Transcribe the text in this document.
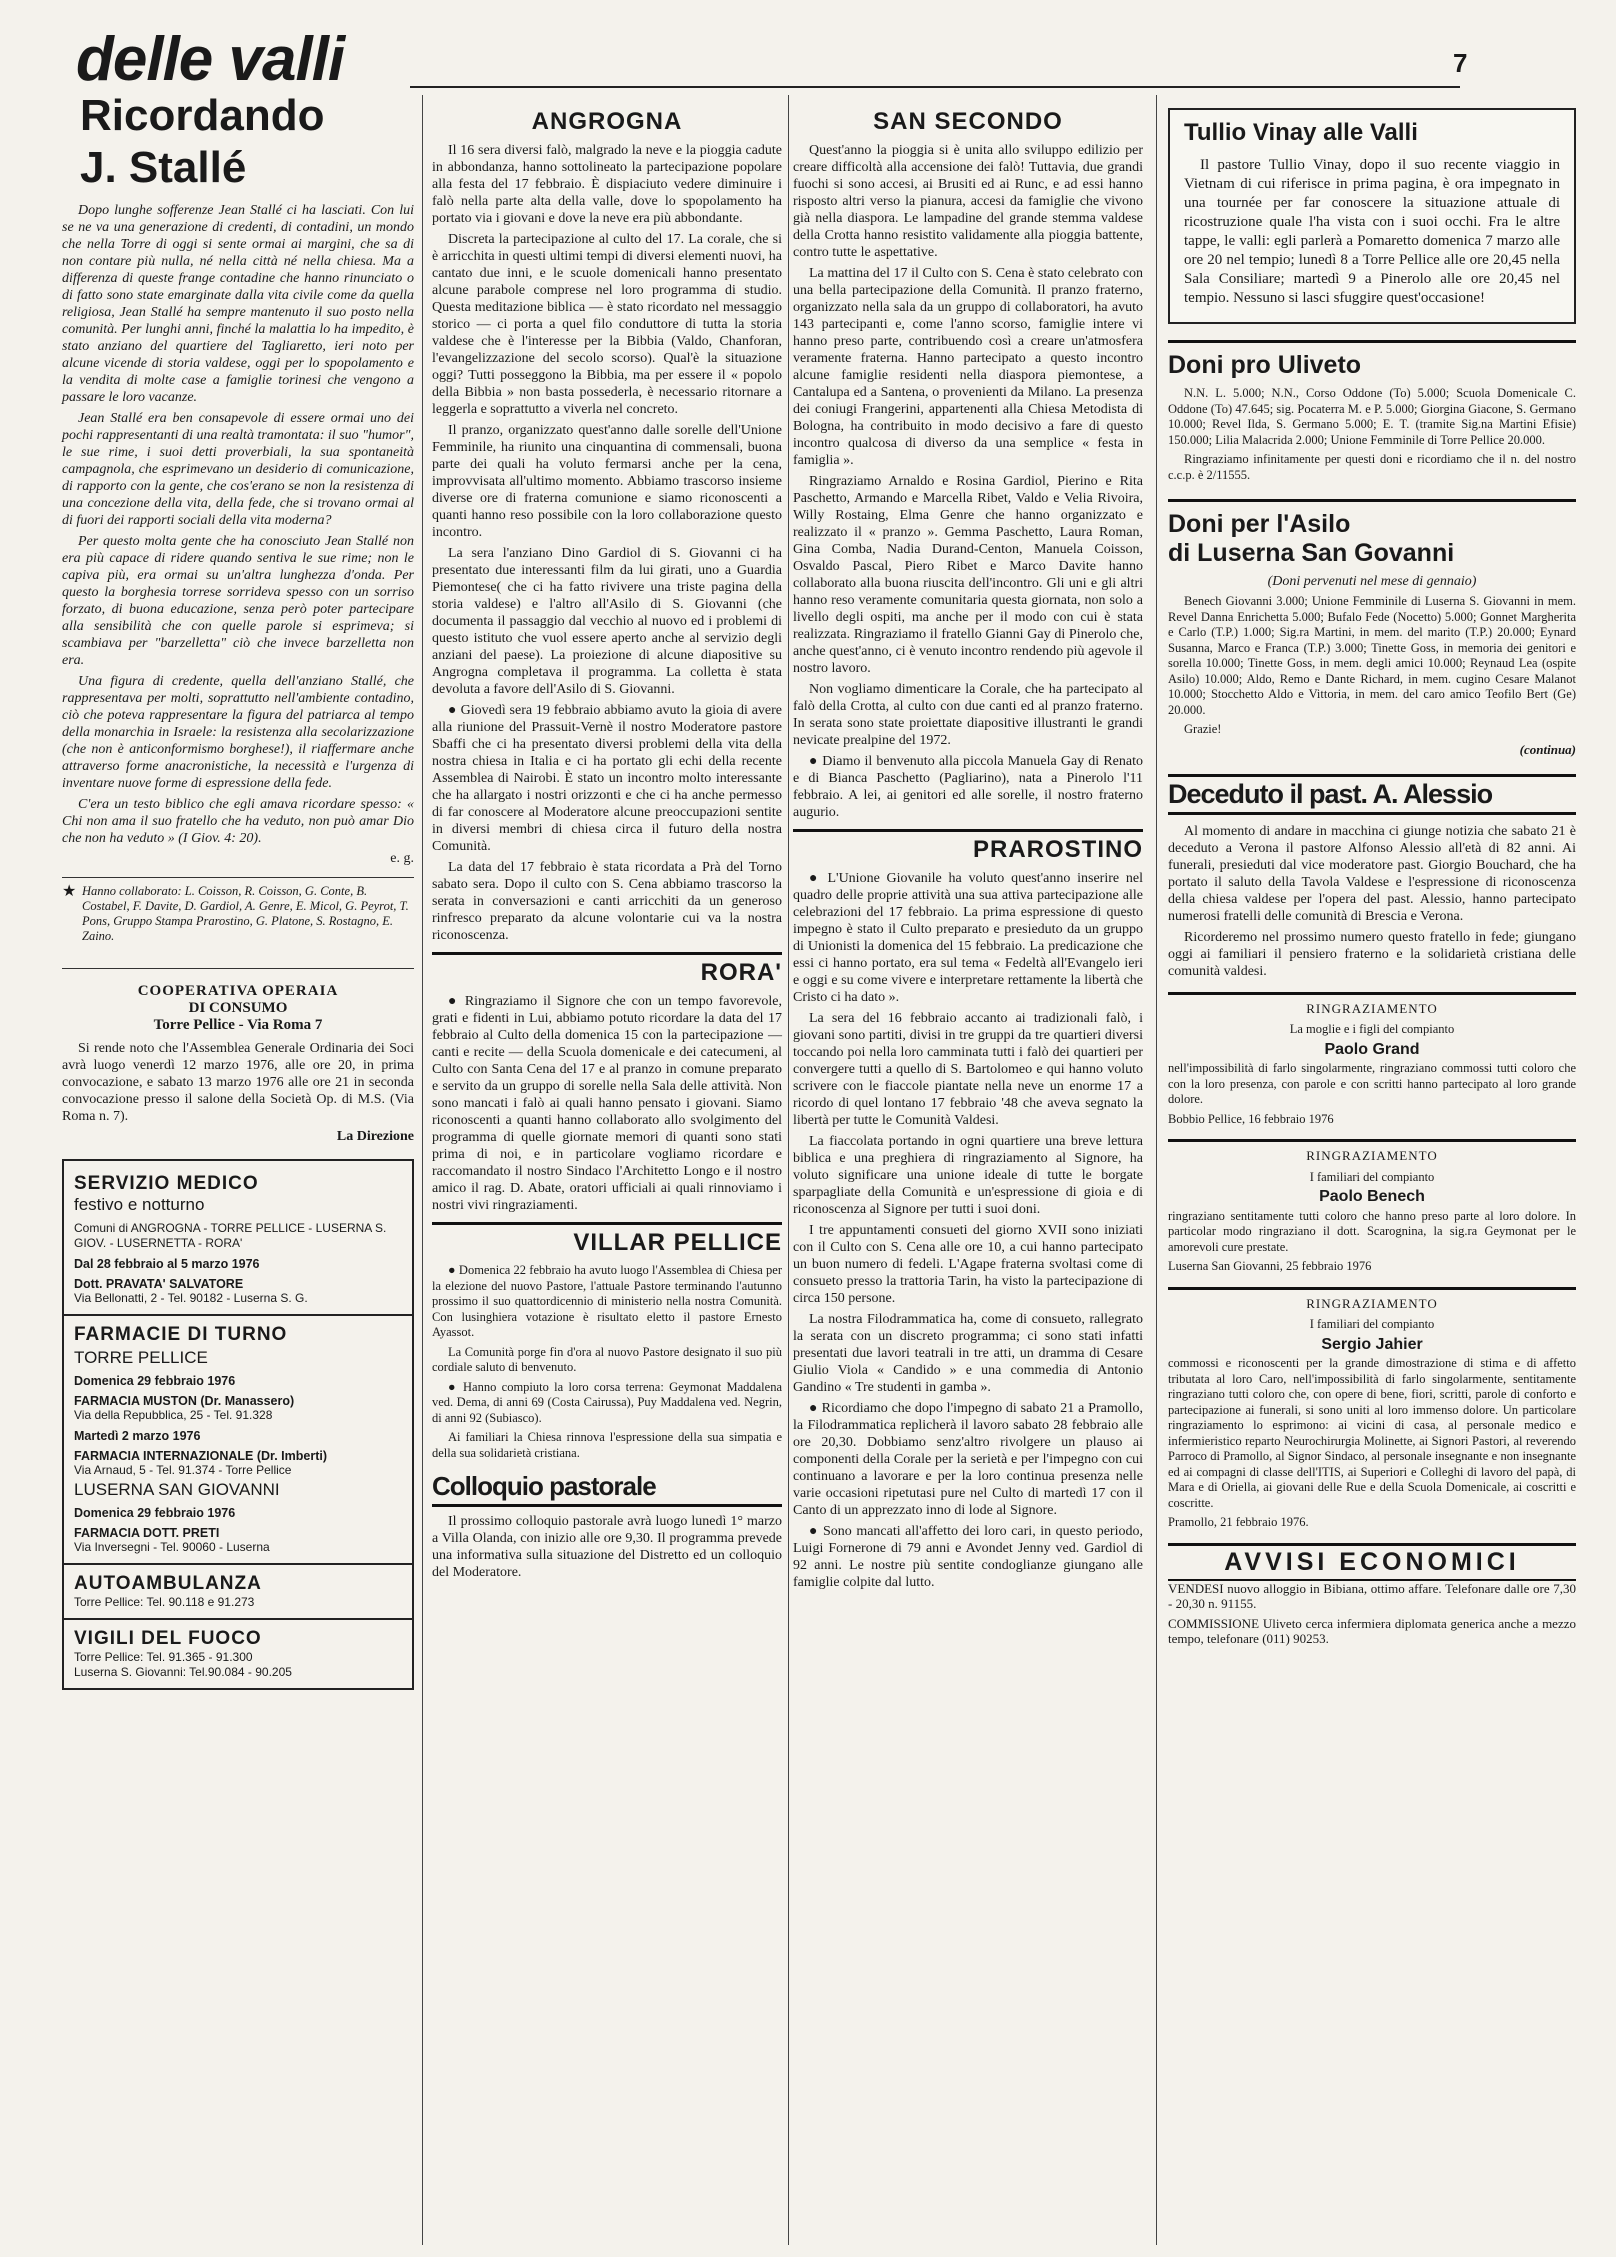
delle valli	7
Ricordando
J. Stallé

Dopo lunghe sofferenze Jean Stallé ci ha lasciati. Con lui se ne va una generazione di credenti, di contadini, un mondo che nella Torre di oggi si sente ormai ai margini, che sa di non contare più nulla, né nella città né nella chiesa. Ma a differenza di queste frange contadine che hanno rinunciato o di fatto sono state emarginate dalla vita civile come da quella religiosa, Jean Stallé ha sempre mantenuto il suo posto nella comunità. Per lunghi anni, finché la malattia lo ha impedito, è stato anziano del quartiere del Tagliaretto, ieri noto per alcune vicende di storia valdese, oggi per lo spopolamento e la vendita di molte case a famiglie torinesi che vengono a passare le loro vacanze.

Jean Stallé era ben consapevole di essere ormai uno dei pochi rappresentanti di una realtà tramontata: il suo "humor", le sue rime, i suoi detti proverbiali, la sua spontaneità campagnola, che esprimevano un desiderio di comunicazione, di rapporto con la gente, che cos'erano se non la resistenza di una concezione della vita, della fede, che si trovano ormai al di fuori dei rapporti sociali della vita moderna?

Per questo molta gente che ha conosciuto Jean Stallé non era più capace di ridere quando sentiva le sue rime; non le capiva più, era ormai su un'altra lunghezza d'onda. Per questo la borghesia torrese sorrideva spesso con un sorriso forzato, di buona educazione, senza però poter partecipare alla sensibilità che con quelle parole si esprimeva; si scambiava per "barzelletta" ciò che invece barzelletta non era.

Una figura di credente, quella dell'anziano Stallé, che rappresentava per molti, soprattutto nell'ambiente contadino, ciò che poteva rappresentare la figura del patriarca al tempo della monarchia in Israele: la resistenza alla secolarizzazione (che non è anticonformismo borghese!), il riaffermare anche attraverso forme anacronistiche, la necessità e l'urgenza di inventare nuove forme di espressione della fede.

C'era un testo biblico che egli amava ricordare spesso: « Chi non ama il suo fratello che ha veduto, non può amar Dio che non ha veduto » (I Giov. 4: 20).

e. g.
★ Hanno collaborato: L. Coisson, R. Coisson, G. Conte, B. Costabel, F. Davite, D. Gardiol, A. Genre, E. Micol, G. Peyrot, T. Pons, Gruppo Stampa Prarostino, G. Platone, S. Rostagno, E. Zaino.
COOPERATIVA OPERAIA
DI CONSUMO
Torre Pellice - Via Roma 7

Si rende noto che l'Assemblea Generale Ordinaria dei Soci avrà luogo venerdì 12 marzo 1976, alle ore 20, in prima convocazione, e sabato 13 marzo 1976 alle ore 21 in seconda convocazione presso il salone della Società Op. di M.S. (Via Roma n. 7).

La Direzione
SERVIZIO MEDICO
festivo e notturno
Comuni di ANGROGNA - TORRE PELLICE - LUSERNA S. GIOV. - LUSERNETTA - RORA'
Dal 28 febbraio al 5 marzo 1976
Dott. PRAVATA' SALVATORE
Via Bellonatti, 2 - Tel. 90182 - Luserna S. G.
FARMACIE DI TURNO
TORRE PELLICE
Domenica 29 febbraio 1976
FARMACIA MUSTON (Dr. Manassero)
Via della Repubblica, 25 - Tel. 91.328
Martedì 2 marzo 1976
FARMACIA INTERNAZIONALE (Dr. Imberti)
Via Arnaud, 5 - Tel. 91.374 - Torre Pellice
LUSERNA SAN GIOVANNI
Domenica 29 febbraio 1976
FARMACIA DOTT. PRETI
Via Inversegni - Tel. 90060 - Luserna
AUTOAMBULANZA
Torre Pellice: Tel. 90.118 e 91.273
VIGILI DEL FUOCO
Torre Pellice: Tel. 91.365 - 91.300
Luserna S. Giovanni: Tel.90.084 - 90.205
ANGROGNA

Il 16 sera diversi falò, malgrado la neve e la pioggia cadute in abbondanza, hanno sottolineato la partecipazione popolare alla festa del 17 febbraio. È dispiaciuto vedere diminuire i falò nella parte alta della valle, dove lo spopolamento ha portato via i giovani e dove la neve era più abbondante.

Discreta la partecipazione al culto del 17. La corale, che si è arricchita in questi ultimi tempi di diversi elementi nuovi, ha cantato due inni, e le scuole domenicali hanno presentato alcune parabole comprese nel loro programma di studio. Questa meditazione biblica — è stato ricordato nel messaggio storico — ci porta a quel filo conduttore di tutta la storia valdese che è l'interesse per la Bibbia (Valdo, Chanforan, l'evangelizzazione del secolo scorso). Qual'è la situazione oggi? Tutti posseggono la Bibbia, ma per essere il « popolo della Bibbia » non basta possederla, è necessario ritornare a leggerla e soprattutto a viverla nel concreto.

Il pranzo, organizzato quest'anno dalle sorelle dell'Unione Femminile, ha riunito una cinquantina di commensali, buona parte dei quali ha voluto fermarsi anche per la cena, improvvisata all'ultimo momento. Abbiamo trascorso insieme diverse ore di fraterna comunione e siamo riconoscenti a quanti hanno reso possibile con la loro collaborazione questo incontro.

La sera l'anziano Dino Gardiol di S. Giovanni ci ha presentato due interessanti film da lui girati, uno a Guardia Piemontese( che ci ha fatto rivivere una triste pagina della storia valdese) e l'altro all'Asilo di S. Giovanni (che documenta il passaggio dal vecchio al nuovo ed i problemi di questo istituto che vuol essere aperto anche al servizio degli anziani del paese). La proiezione di alcune diapositive su Angrogna completava il programma. La colletta è stata devoluta a favore dell'Asilo di S. Giovanni.

● Giovedì sera 19 febbraio abbiamo avuto la gioia di avere alla riunione del Prassuit-Vernè il nostro Moderatore pastore Sbaffi che ci ha presentato diversi problemi della vita della nostra chiesa in Italia e ci ha portato gli echi della recente Assemblea di Nairobi. È stato un incontro molto interessante che ha allargato i nostri orizzonti e che ci ha anche permesso di far conoscere al Moderatore alcune preoccupazioni sentite in diversi membri di chiesa circa il futuro della nostra Comunità.

La data del 17 febbraio è stata ricordata a Prà del Torno sabato sera. Dopo il culto con S. Cena abbiamo trascorso la serata in conversazioni e canti arricchiti da un generoso rinfresco preparato da alcune volontarie cui va la nostra riconoscenza.

RORA'

● Ringraziamo il Signore che con un tempo favorevole, grati e fidenti in Lui, abbiamo potuto ricordare la data del 17 febbraio al Culto della domenica 15 con la partecipazione — canti e recite — della Scuola domenicale e dei catecumeni, al Culto con Santa Cena del 17 e al pranzo in comune preparato e servito da un gruppo di sorelle nella Sala delle attività. Non sono mancati i falò ai quali hanno pensato i giovani. Siamo riconoscenti a quanti hanno collaborato allo svolgimento del programma di quelle giornate memori di quanti sono stati prima di noi, e in particolare vogliamo ricordare e raccomandato il nostro Sindaco l'Architetto Longo e il nostro amico il rag. D. Abate, oratori ufficiali ai quali rinnoviamo i nostri vivi ringraziamenti.

VILLAR PELLICE

● Domenica 22 febbraio ha avuto luogo l'Assemblea di Chiesa per la elezione del nuovo Pastore, l'attuale Pastore terminando l'autunno prossimo il suo quattordicennio di ministerio nella nostra Comunità. Con lusinghiera votazione è risultato eletto il pastore Ernesto Ayassot.

La Comunità porge fin d'ora al nuovo Pastore designato il suo più cordiale saluto di benvenuto.

● Hanno compiuto la loro corsa terrena: Geymonat Maddalena ved. Dema, di anni 69 (Costa Cairussa), Puy Maddalena ved. Negrin, di anni 92 (Subiasco).

Ai familiari la Chiesa rinnova l'espressione della sua simpatia e della sua solidarietà cristiana.

Colloquio pastorale

Il prossimo colloquio pastorale avrà luogo lunedì 1° marzo a Villa Olanda, con inizio alle ore 9,30. Il programma prevede una informativa sulla situazione del Distretto ed un colloquio del Moderatore.

SAN SECONDO

Quest'anno la pioggia si è unita allo sviluppo edilizio per creare difficoltà alla accensione dei falò! Tuttavia, due grandi fuochi si sono accesi, ai Brusiti ed ai Runc, e ad essi hanno risposto altri verso la pianura, accesi da famiglie che vivono già nella diaspora. Le lampadine del grande stemma valdese della Crotta hanno resistito validamente alla pioggia battente, contro tutte le aspettative.

La mattina del 17 il Culto con S. Cena è stato celebrato con una bella partecipazione della Comunità. Il pranzo fraterno, organizzato nella sala da un gruppo di collaboratori, ha avuto 143 partecipanti e, come l'anno scorso, famiglie intere vi hanno preso parte, contribuendo così a creare un'atmosfera veramente fraterna. Hanno partecipato a questo incontro alcune famiglie residenti nella diaspora piemontese, a Cantalupa ed a Santena, o provenienti da Milano. La presenza dei coniugi Frangerini, appartenenti alla Chiesa Metodista di Bologna, ha contribuito in modo decisivo a fare di questo incontro qualcosa di diverso da una semplice « festa in famiglia ».

Ringraziamo Arnaldo e Rosina Gardiol, Pierino e Rita Paschetto, Armando e Marcella Ribet, Valdo e Velia Rivoira, Willy Rostaing, Elma Genre che hanno organizzato e realizzato il « pranzo ». Gemma Paschetto, Laura Roman, Gina Comba, Nadia Durand-Centon, Manuela Coisson, Osvaldo Pascal, Piero Ribet e Marco Davite hanno collaborato alla buona riuscita dell'incontro. Gli uni e gli altri hanno reso veramente comunitaria questa giornata, non solo a livello degli ospiti, ma anche per il modo con cui è stata realizzata. Ringraziamo il fratello Gianni Gay di Pinerolo che, anche quest'anno, ci è venuto incontro rendendo più agevole il nostro lavoro.

Non vogliamo dimenticare la Corale, che ha partecipato al falò della Crotta, al culto con due canti ed al pranzo fraterno. In serata sono state proiettate diapositive illustranti le grandi nevicate prealpine del 1972.

● Diamo il benvenuto alla piccola Manuela Gay di Renato e di Bianca Paschetto (Pagliarino), nata a Pinerolo l'11 febbraio. A lei, ai genitori ed alle sorelle, il nostro fraterno augurio.

PRAROSTINO

● L'Unione Giovanile ha voluto quest'anno inserire nel quadro delle proprie attività una sua attiva partecipazione alle celebrazioni del 17 febbraio. La prima espressione di questo impegno è stato il Culto preparato e presieduto da un gruppo di Unionisti la domenica del 15 febbraio. La predicazione che essi ci hanno portato, era sul tema « Fedeltà all'Evangelo ieri e oggi e su come vivere e interpretare rettamente la libertà che Cristo ci ha dato ».

La sera del 16 febbraio accanto ai tradizionali falò, i giovani sono partiti, divisi in tre gruppi da tre quartieri diversi toccando poi nella loro camminata tutti i falò dei quartieri per convergere tutti a quello di S. Bartolomeo e qui hanno voluto scrivere con le fiaccole piantate nella neve un enorme 17 a ricordo di quel lontano 17 febbraio '48 che aveva segnato la libertà per tutte le Comunità Valdesi.

La fiaccolata portando in ogni quartiere una breve lettura biblica e una preghiera di ringraziamento al Signore, ha voluto significare una unione ideale di tutte le borgate sparpagliate della Comunità e un'espressione di gioia e di riconoscenza al Signore per tutti i suoi doni.

I tre appuntamenti consueti del giorno XVII sono iniziati con il Culto con S. Cena alle ore 10, a cui hanno partecipato un buon numero di fedeli. L'Agape fraterna svoltasi come di consueto presso la trattoria Tarin, ha visto la partecipazione di circa 150 persone.

La nostra Filodrammatica ha, come di consueto, rallegrato la serata con un discreto programma; ci sono stati infatti presentati due lavori teatrali in tre atti, un dramma di Cesare Giulio Viola « Candido » e una commedia di Antonio Gandino « Tre studenti in gamba ».

● Ricordiamo che dopo l'impegno di sabato 21 a Pramollo, la Filodrammatica replicherà il lavoro sabato 28 febbraio alle ore 20,30. Dobbiamo senz'altro rivolgere un plauso ai componenti della Corale per la serietà e per l'impegno con cui continuano a lavorare e per la loro continua presenza nelle varie occasioni ripetutasi pure nel Culto di martedì 17 con il Canto di un apprezzato inno di lode al Signore.

● Sono mancati all'affetto dei loro cari, in questo periodo, Luigi Fornerone di 79 anni e Avondet Jenny ved. Gardiol di 92 anni. Le nostre più sentite condoglianze giungano alle famiglie colpite dal lutto.

Tullio Vinay alle Valli

Il pastore Tullio Vinay, dopo il suo recente viaggio in Vietnam di cui riferisce in prima pagina, è ora impegnato in una tournée per far conoscere la situazione attuale di ricostruzione quale l'ha vista con i suoi occhi. Fra le altre tappe, le valli: egli parlerà a Pomaretto domenica 7 marzo alle ore 20 nel tempio; lunedì 8 a Torre Pellice alle ore 20,45 nella Sala Consiliare; martedì 9 a Pinerolo alle ore 20,45 nel tempio. Nessuno si lasci sfuggire quest'occasione!

Doni pro Uliveto

N.N. L. 5.000; N.N., Corso Oddone (To) 5.000; Scuola Domenicale C. Oddone (To) 47.645; sig. Pocaterra M. e P. 5.000; Giorgina Giacone, S. Germano 10.000; Revel Ilda, S. Germano 5.000; E. T. (tramite Sig.na Martini Efisie) 150.000; Lilia Malacrida 2.000; Unione Femminile di Torre Pellice 20.000.

Ringraziamo infinitamente per questi doni e ricordiamo che il n. del nostro c.c.p. è 2/11555.

Doni per l'Asilo
di Luserna San Govanni
(Doni pervenuti nel mese di gennaio)

Benech Giovanni 3.000; Unione Femminile di Luserna S. Giovanni in mem. Revel Danna Enrichetta 5.000; Bufalo Fede (Nocetto) 5.000; Gonnet Margherita e Carlo (T.P.) 1.000; Sig.ra Martini, in mem. del marito (T.P.) 20.000; Eynard Susanna, Marco e Franca (T.P.) 3.000; Tinette Goss, in memoria dei genitori e sorella 10.000; Tinette Goss, in mem. degli amici 10.000; Reynaud Lea (ospite Asilo) 10.000; Aldo, Remo e Dante Richard, in mem. cugino Cesare Malanot 10.000; Stocchetto Aldo e Vittoria, in mem. del caro amico Teofilo Bert (Ge) 20.000.

Grazie!

(continua)
Deceduto il past. A. Alessio

Al momento di andare in macchina ci giunge notizia che sabato 21 è deceduto a Verona il pastore Alfonso Alessio all'età di 82 anni. Ai funerali, presieduti dal vice moderatore past. Giorgio Bouchard, che ha portato il saluto della Tavola Valdese e l'espressione di riconoscenza della chiesa valdese per l'opera del past. Alessio, hanno partecipato numerosi fratelli delle comunità di Brescia e Verona.

Ricorderemo nel prossimo numero questo fratello in fede; giungano oggi ai familiari il pensiero fraterno e la solidarietà cristiana delle comunità valdesi.

RINGRAZIAMENTO
La moglie e i figli del compianto
Paolo Grand
nell'impossibilità di farlo singolarmente, ringraziano commossi tutti coloro che con la loro presenza, con parole e con scritti hanno partecipato al loro grande dolore.
Bobbio Pellice, 16 febbraio 1976
RINGRAZIAMENTO
I familiari del compianto
Paolo Benech
ringraziano sentitamente tutti coloro che hanno preso parte al loro dolore. In particolar modo ringraziano il dott. Scarognina, la sig.ra Geymonat per le amorevoli cure prestate.
Luserna San Giovanni, 25 febbraio 1976
RINGRAZIAMENTO
I familiari del compianto
Sergio Jahier
commossi e riconoscenti per la grande dimostrazione di stima e di affetto tributata al loro Caro, nell'impossibilità di farlo singolarmente, sentitamente ringraziano tutti coloro che, con opere di bene, fiori, scritti, parole di conforto e partecipazione ai funerali, si sono uniti al loro immenso dolore. Un particolare ringraziamento lo esprimono: ai vicini di casa, al personale medico e infermieristico reparto Neurochirurgia Molinette, ai Signori Pastori, al reverendo Parroco di Pramollo, al Signor Sindaco, al personale insegnante e non insegnante ed ai compagni di classe dell'ITIS, ai Superiori e Colleghi di lavoro del papà, di Mara e di Oriella, ai giovani delle Rue e della Scuola Domenicale, ai coscritti e coscritte.
Pramollo, 21 febbraio 1976.
AVVISI ECONOMICI

VENDESI nuovo alloggio in Bibiana, ottimo affare. Telefonare dalle ore 7,30 - 20,30 n. 91155.

COMMISSIONE Uliveto cerca infermiera diplomata generica anche a mezzo tempo, telefonare (011) 90253.
